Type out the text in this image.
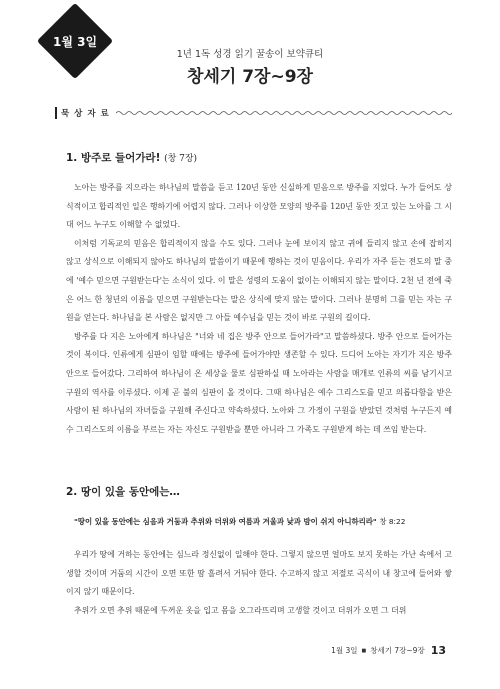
1월 3일
1년 1독 성경 읽기 꿀송이 보약큐티
창세기 7장~9장
묵 상 자 료
1. 방주로 들어가라! (창 7장)

노아는 방주를 지으라는 하나님의 말씀을 듣고 120년 동안 신실하게 믿음으로 방주를 지었다. 누가 들어도 상식적이고 합리적인 일은 행하기에 어렵지 않다. 그러나 이상한 모양의 방주를 120년 동안 짓고 있는 노아를 그 시대 어느 누구도 이해할 수 없었다.

이처럼 기독교의 믿음은 합리적이지 않을 수도 있다. 그러나 눈에 보이지 않고 귀에 들리지 않고 손에 잡히지 않고 상식으로 이해되지 않아도 하나님의 말씀이기 때문에 행하는 것이 믿음이다. 우리가 자주 듣는 전도의 말 중에 '예수 믿으면 구원받는다'는 소식이 있다. 이 말은 성령의 도움이 없이는 이해되지 않는 말이다. 2천 년 전에 죽은 어느 한 청년의 이름을 믿으면 구원받는다는 말은 상식에 맞지 않는 말이다. 그러나 분명히 그를 믿는 자는 구원을 얻는다. 하나님을 본 사람은 없지만 그 아들 예수님을 믿는 것이 바로 구원의 길이다.

방주를 다 지은 노아에게 하나님은 "너와 네 집은 방주 안으로 들어가라"고 말씀하셨다. 방주 안으로 들어가는 것이 복이다. 인류에게 심판이 임할 때에는 방주에 들어가야만 생존할 수 있다. 드디어 노아는 자기가 지은 방주 안으로 들어갔다. 그리하여 하나님이 온 세상을 물로 심판하실 때 노아라는 사람을 매개로 인류의 씨를 남기시고 구원의 역사를 이루셨다. 이제 곧 불의 심판이 올 것이다. 그때 하나님은 예수 그리스도를 믿고 의롭다함을 받은 사람이 된 하나님의 자녀들을 구원해 주신다고 약속하셨다. 노아와 그 가정이 구원을 받았던 것처럼 누구든지 예수 그리스도의 이름을 부르는 자는 자신도 구원받을 뿐만 아니라 그 가족도 구원받게 하는 데 쓰임 받는다.

2. 땅이 있을 동안에는…
"땅이 있을 동안에는 심음과 거둠과 추위와 더위와 여름과 겨울과 낮과 밤이 쉬지 아니하리라" 창 8:22

우리가 땅에 거하는 동안에는 심느라 정신없이 일해야 한다. 그렇지 않으면 얼마도 보지 못하는 가난 속에서 고생할 것이며 거둠의 시간이 오면 또한 땀 흘려서 거둬야 한다. 수고하지 않고 저절로 곡식이 내 창고에 들어와 쌓이지 않기 때문이다.

추위가 오면 추위 때문에 두꺼운 옷을 입고 몸을 오그라뜨리며 고생할 것이고 더위가 오면 그 더위

1월 3일 ■ 창세기 7장~9장 13
